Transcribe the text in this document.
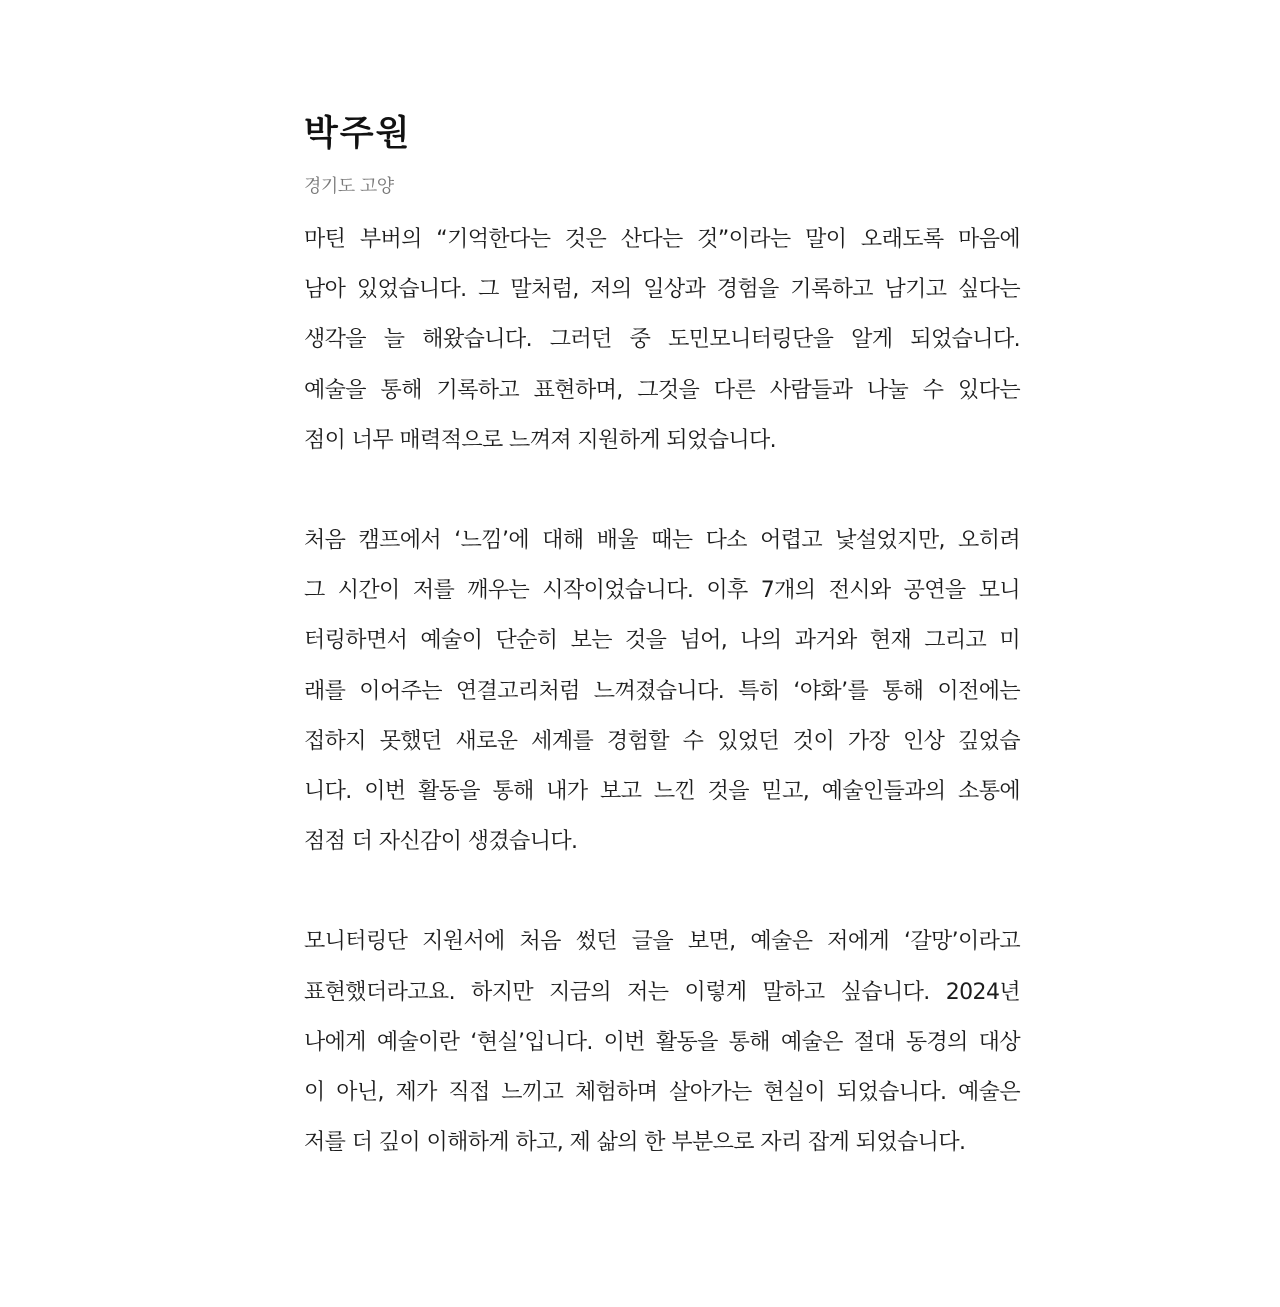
박주원
경기도 고양

마틴 부버의 “기억한다는 것은 산다는 것”이라는 말이 오래도록 마음에
남아 있었습니다. 그 말처럼, 저의 일상과 경험을 기록하고 남기고 싶다는
생각을 늘 해왔습니다. 그러던 중 도민모니터링단을 알게 되었습니다.
예술을 통해 기록하고 표현하며, 그것을 다른 사람들과 나눌 수 있다는
점이 너무 매력적으로 느껴져 지원하게 되었습니다.

처음 캠프에서 ‘느낌’에 대해 배울 때는 다소 어렵고 낯설었지만, 오히려
그 시간이 저를 깨우는 시작이었습니다. 이후 7개의 전시와 공연을 모니
터링하면서 예술이 단순히 보는 것을 넘어, 나의 과거와 현재 그리고 미
래를 이어주는 연결고리처럼 느껴졌습니다. 특히 ‘야화’를 통해 이전에는
접하지 못했던 새로운 세계를 경험할 수 있었던 것이 가장 인상 깊었습
니다. 이번 활동을 통해 내가 보고 느낀 것을 믿고, 예술인들과의 소통에
점점 더 자신감이 생겼습니다.

모니터링단 지원서에 처음 썼던 글을 보면, 예술은 저에게 ‘갈망’이라고
표현했더라고요. 하지만 지금의 저는 이렇게 말하고 싶습니다. 2024년
나에게 예술이란 ‘현실’입니다. 이번 활동을 통해 예술은 절대 동경의 대상
이 아닌, 제가 직접 느끼고 체험하며 살아가는 현실이 되었습니다. 예술은
저를 더 깊이 이해하게 하고, 제 삶의 한 부분으로 자리 잡게 되었습니다.
